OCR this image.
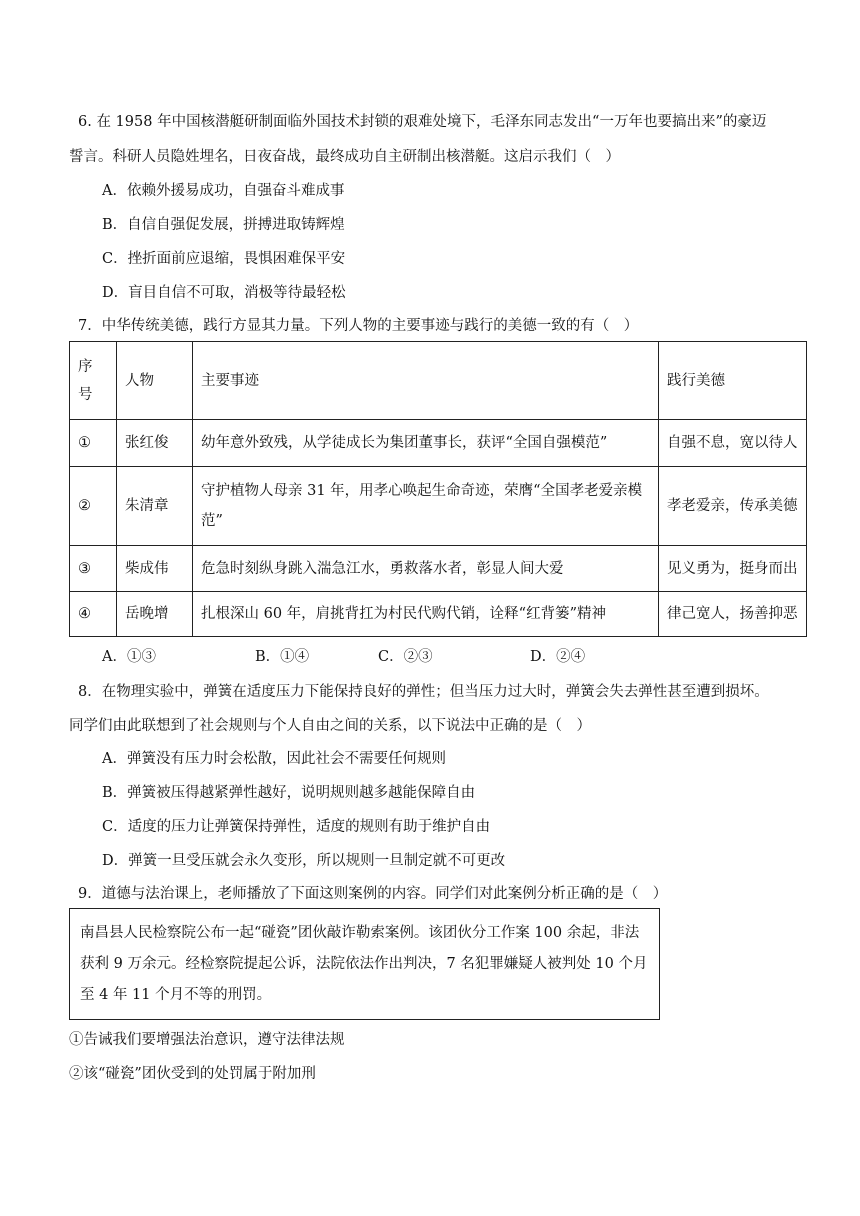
6. 在 1958 年中国核潜艇研制面临外国技术封锁的艰难处境下，毛泽东同志发出“一万年也要搞出来”的豪迈
誓言。科研人员隐姓埋名，日夜奋战，最终成功自主研制出核潜艇。这启示我们（　）
A．依赖外援易成功，自强奋斗难成事
B．自信自强促发展，拼搏进取铸辉煌
C．挫折面前应退缩，畏惧困难保平安
D．盲目自信不可取，消极等待最轻松
7．中华传统美德，践行方显其力量。下列人物的主要事迹与践行的美德一致的有（　）
序号	人物	主要事迹	践行美德
①	张红俊	幼年意外致残，从学徒成长为集团董事长，获评“全国自强模范”	自强不息，宽以待人
②	朱清章	守护植物人母亲 31 年，用孝心唤起生命奇迹，荣膺“全国孝老爱亲模范”	孝老爱亲，传承美德
③	柴成伟	危急时刻纵身跳入湍急江水，勇救落水者，彰显人间大爱	见义勇为，挺身而出
④	岳晚增	扎根深山 60 年，肩挑背扛为村民代购代销，诠释“红背篓”精神	律己宽人，扬善抑恶
A．①③	B．①④	C．②③	D．②④
8．在物理实验中，弹簧在适度压力下能保持良好的弹性；但当压力过大时，弹簧会失去弹性甚至遭到损坏。
同学们由此联想到了社会规则与个人自由之间的关系，以下说法中正确的是（　）
A．弹簧没有压力时会松散，因此社会不需要任何规则
B．弹簧被压得越紧弹性越好，说明规则越多越能保障自由
C．适度的压力让弹簧保持弹性，适度的规则有助于维护自由
D．弹簧一旦受压就会永久变形，所以规则一旦制定就不可更改
9．道德与法治课上，老师播放了下面这则案例的内容。同学们对此案例分析正确的是（　）
南昌县人民检察院公布一起“碰瓷”团伙敲诈勒索案例。该团伙分工作案 100 余起，非法
获利 9 万余元。经检察院提起公诉，法院依法作出判决，7 名犯罪嫌疑人被判处 10 个月
至 4 年 11 个月不等的刑罚。
①告诫我们要增强法治意识，遵守法律法规
②该“碰瓷”团伙受到的处罚属于附加刑
